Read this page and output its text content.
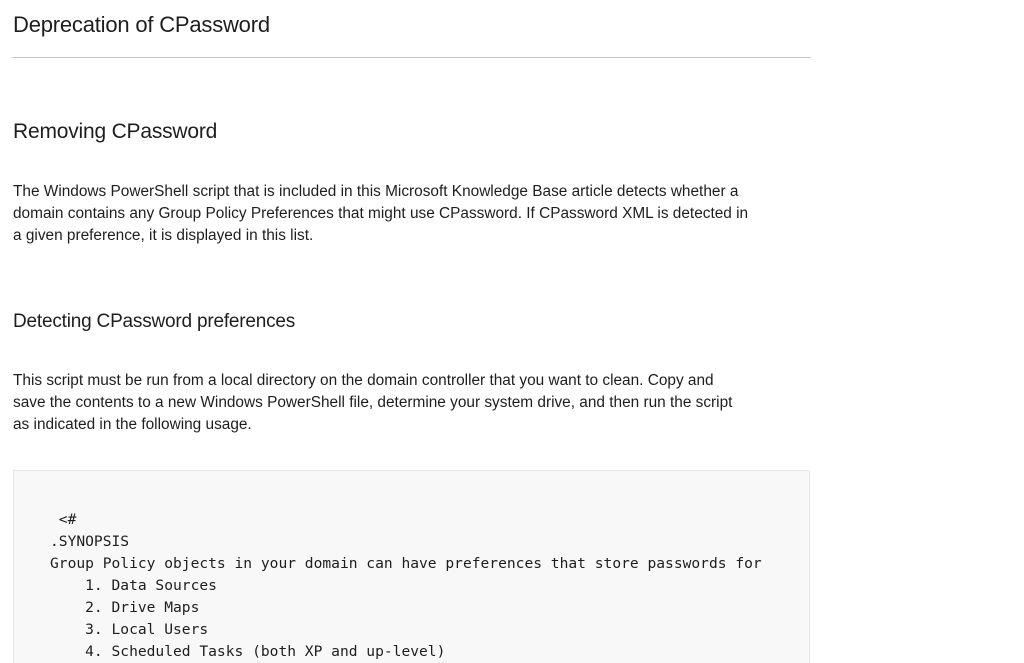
Deprecation of CPassword
Removing CPassword

The Windows PowerShell script that is included in this Microsoft Knowledge Base article detects whether a
domain contains any Group Policy Preferences that might use CPassword. If CPassword XML is detected in
a given preference, it is displayed in this list.

Detecting CPassword preferences

This script must be run from a local directory on the domain controller that you want to clean. Copy and
save the contents to a new Windows PowerShell file, determine your system drive, and then run the script
as indicated in the following usage.

<#
.SYNOPSIS
Group Policy objects in your domain can have preferences that store passwords for
1. Data Sources
2. Drive Maps
3. Local Users
4. Scheduled Tasks (both XP and up-level)
